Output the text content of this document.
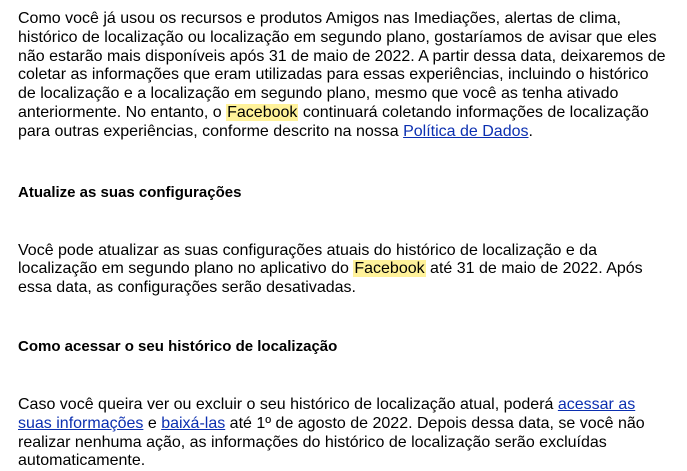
Como você já usou os recursos e produtos Amigos nas Imediações, alertas de clima, histórico de localização ou localização em segundo plano, gostaríamos de avisar que eles não estarão mais disponíveis após 31 de maio de 2022. A partir dessa data, deixaremos de coletar as informações que eram utilizadas para essas experiências, incluindo o histórico de localização e a localização em segundo plano, mesmo que você as tenha ativado anteriormente. No entanto, o Facebook continuará coletando informações de localização para outras experiências, conforme descrito na nossa Política de Dados.

Atualize as suas configurações

Você pode atualizar as suas configurações atuais do histórico de localização e da localização em segundo plano no aplicativo do Facebook até 31 de maio de 2022. Após essa data, as configurações serão desativadas.

Como acessar o seu histórico de localização

Caso você queira ver ou excluir o seu histórico de localização atual, poderá acessar as suas informações e baixá-las até 1º de agosto de 2022. Depois dessa data, se você não realizar nenhuma ação, as informações do histórico de localização serão excluídas automaticamente.
